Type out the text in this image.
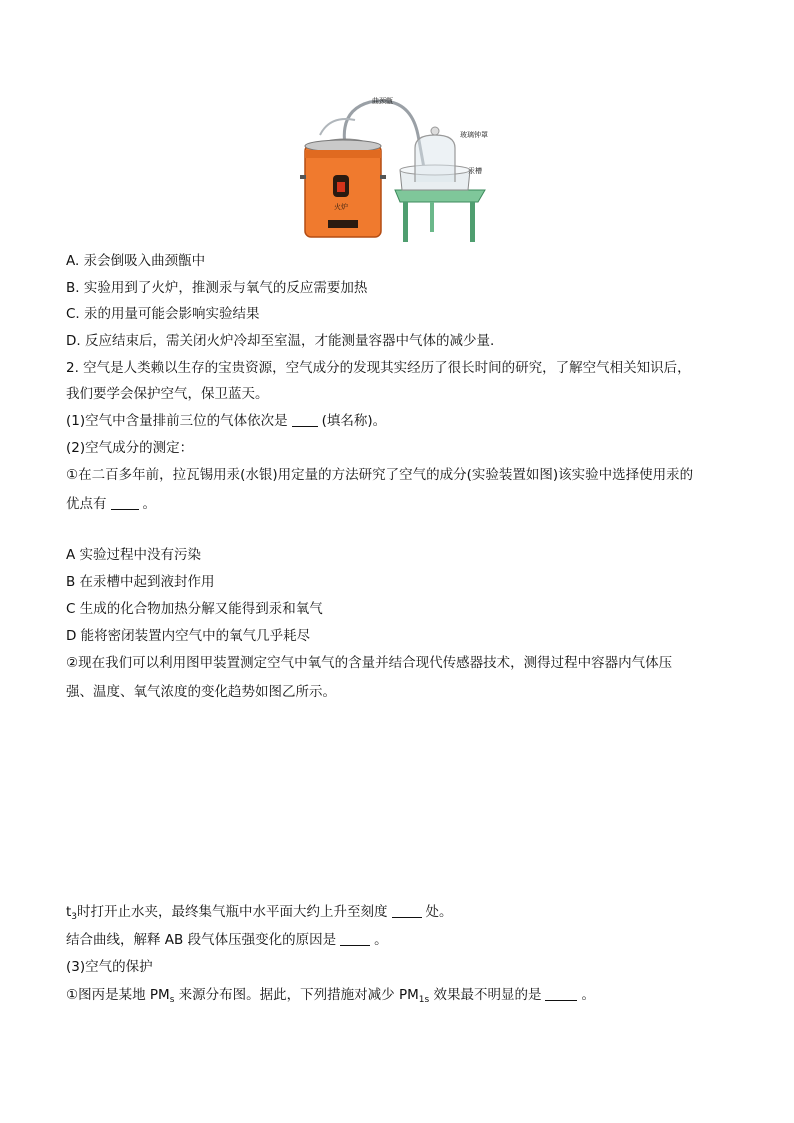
曲颈甑
玻璃钟罩
汞槽
火炉
A. 汞会倒吸入曲颈甑中
B. 实验用到了火炉，推测汞与氧气的反应需要加热
C. 汞的用量可能会影响实验结果
D. 反应结束后，需关闭火炉冷却至室温，才能测量容器中气体的减少量.
2. 空气是人类赖以生存的宝贵资源，空气成分的发现其实经历了很长时间的研究，了解空气相关知识后，
我们要学会保护空气，保卫蓝天。
(1)空气中含量排前三位的气体依次是	(填名称)。
(2)空气成分的测定：
①在二百多年前，拉瓦锡用汞(水银)用定量的方法研究了空气的成分(实验装置如图)该实验中选择使用汞的
优点有	。
A 实验过程中没有污染
B 在汞槽中起到液封作用
C 生成的化合物加热分解又能得到汞和氧气
D 能将密闭装置内空气中的氧气几乎耗尽
②现在我们可以利用图甲装置测定空气中氧气的含量并结合现代传感器技术，测得过程中容器内气体压
强、温度、氧气浓度的变化趋势如图乙所示。
$t_3$时打开止水夹，最终集气瓶中水平面大约上升至刻度	处。
结合曲线，解释 AB 段气体压强变化的原因是	。
(3)空气的保护
①图丙是某地 $PM_s$ 来源分布图。据此，下列措施对减少 $PM_{1s}$ 效果最不明显的是	。
